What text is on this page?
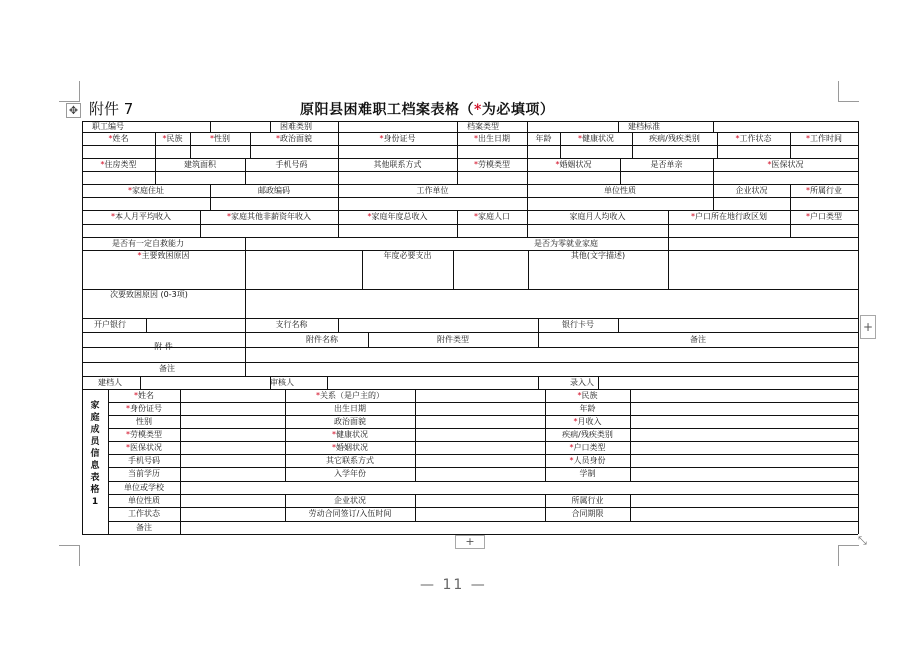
✥
+
+	⤡
附件 7	原阳县困难职工档案表格（*为必填项）
职工编号	困难类别	档案类型	建档标准
*姓名	*民族	*性别	*政治面貌	*身份证号	*出生日期	年龄	*健康状况	疾病/残疾类别	*工作状态	*工作时间
*住房类型	建筑面积	手机号码	其他联系方式	*劳模类型	*婚姻状况	是否单亲	*医保状况
*家庭住址	邮政编码	工作单位	单位性质	企业状况	*所属行业
*本人月平均收入	*家庭其他非薪资年收入	*家庭年度总收入	*家庭人口	家庭月人均收入	*户口所在地行政区划	*户口类型
是否有一定自救能力	是否为零就业家庭
*主要致困原因	年度必要支出	其他(文字描述)
次要致困原因 (0-3项)
开户银行	支行名称	银行卡号
附 件
附件名称	附件类型	备注
备注
建档人	审核人	录入人
家庭成员信息表格1
*姓名	*关系（是户主的）	*民族
*身份证号	出生日期	年龄
性别	政治面貌	*月收入
*劳模类型	*健康状况	疾病/残疾类别
*医保状况	*婚姻状况	*户口类型
手机号码	其它联系方式	*人员身份
当前学历	入学年份	学制
单位或学校
单位性质	企业状况	所属行业
工作状态	劳动合同签订/入伍时间	合同期限
备注
— 11 —
